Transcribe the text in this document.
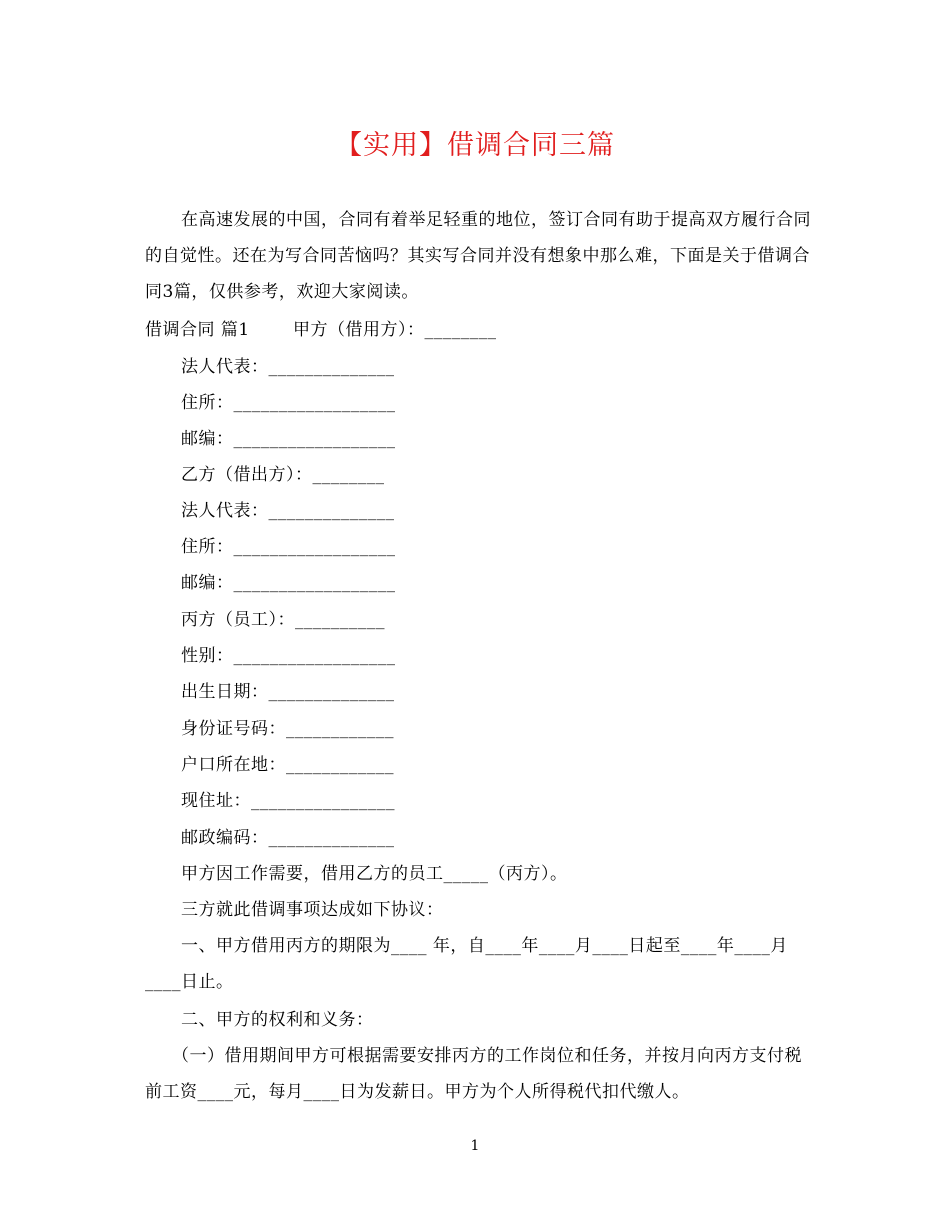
【实用】借调合同三篇
在高速发展的中国，合同有着举足轻重的地位，签订合同有助于提高双方履行合同的自觉性。还在为写合同苦恼吗？其实写合同并没有想象中那么难，下面是关于借调合同3篇，仅供参考，欢迎大家阅读。
借调合同 篇1	甲方（借用方）：________
法人代表：______________
住所：__________________
邮编：__________________
乙方（借出方）：________
法人代表：______________
住所：__________________
邮编：__________________
丙方（员工）：__________
性别：__________________
出生日期：______________
身份证号码：____________
户口所在地：____________
现住址：________________
邮政编码：______________
甲方因工作需要，借用乙方的员工_____（丙方）。
三方就此借调事项达成如下协议：
一、甲方借用丙方的期限为____ 年，自____年____月____日起至____年____月____日止。
二、甲方的权利和义务：
（一）借用期间甲方可根据需要安排丙方的工作岗位和任务，并按月向丙方支付税前工资____元，每月____日为发薪日。甲方为个人所得税代扣代缴人。
1
